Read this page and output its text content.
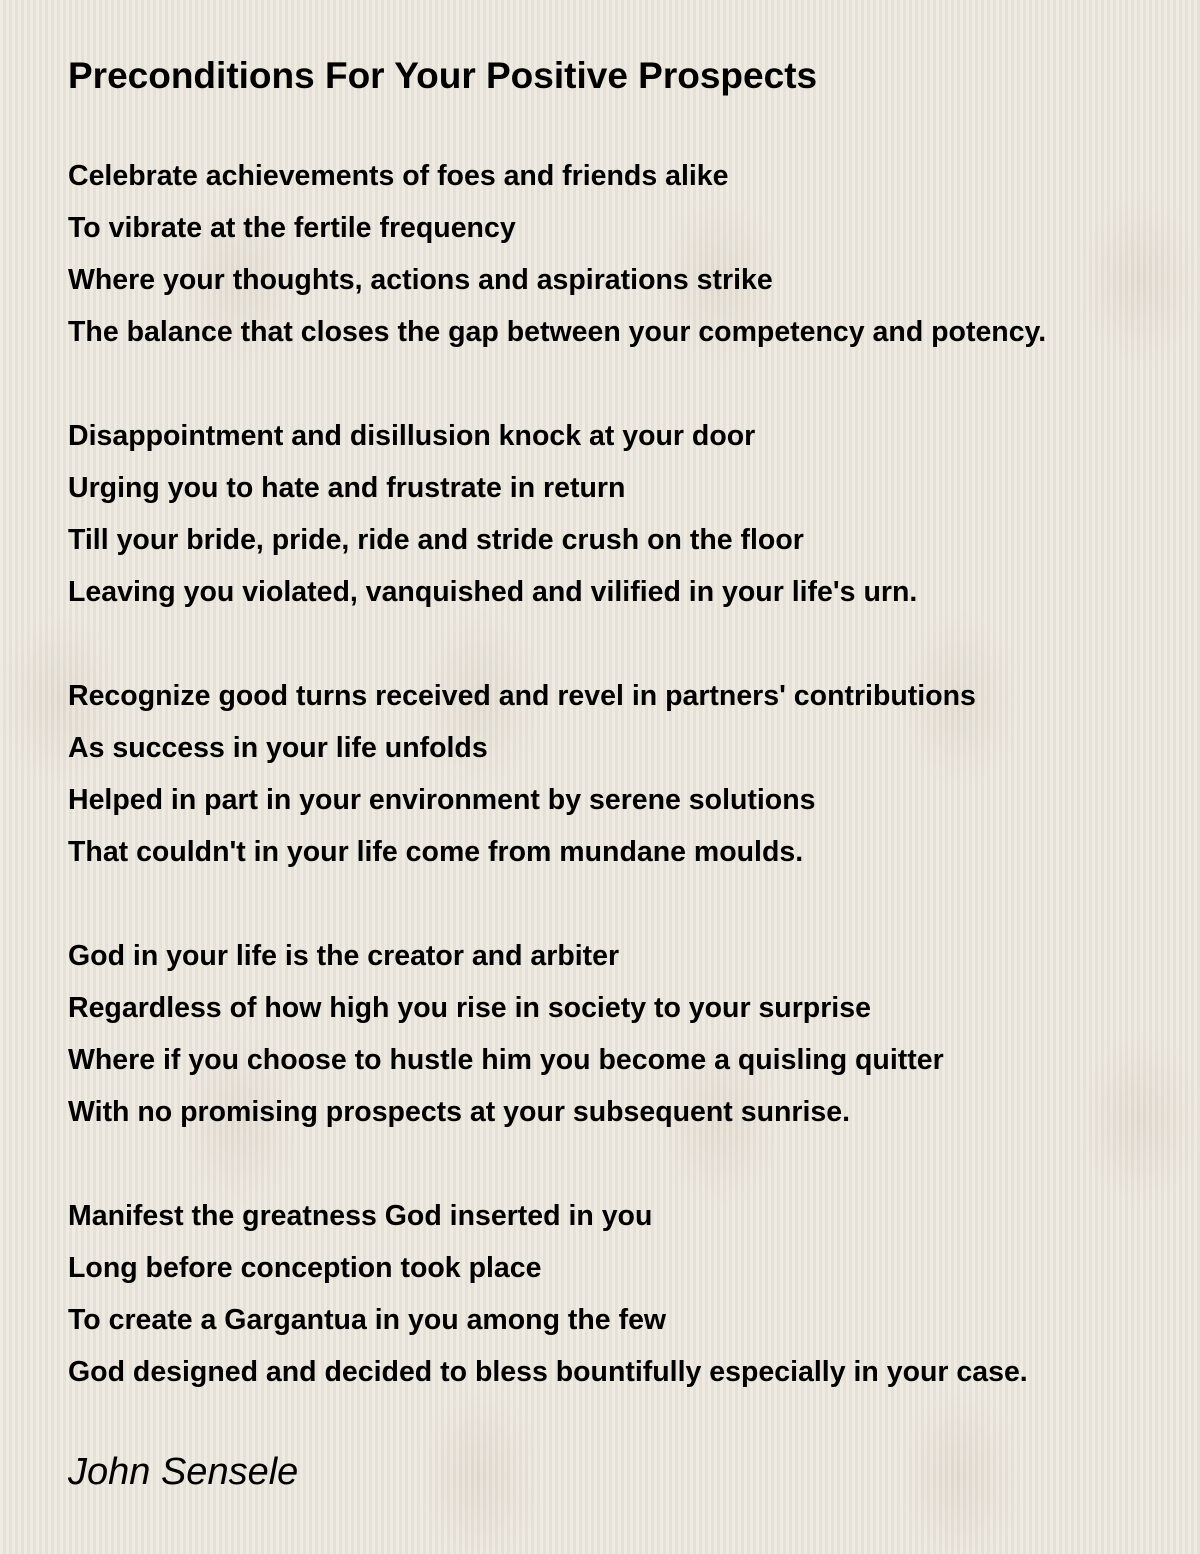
Preconditions For Your Positive Prospects
Celebrate achievements of foes and friends alike
To vibrate at the fertile frequency
Where your thoughts, actions and aspirations strike
The balance that closes the gap between your competency and potency.
Disappointment and disillusion knock at your door
Urging you to hate and frustrate in return
Till your bride, pride, ride and stride crush on the floor
Leaving you violated, vanquished and vilified in your life's urn.
Recognize good turns received and revel in partners' contributions
As success in your life unfolds
Helped in part in your environment by serene solutions
That couldn't in your life come from mundane moulds.
God in your life is the creator and arbiter
Regardless of how high you rise in society to your surprise
Where if you choose to hustle him you become a quisling quitter
With no promising prospects at your subsequent sunrise.
Manifest the greatness God inserted in you
Long before conception took place
To create a Gargantua in you among the few
God designed and decided to bless bountifully especially in your case.
John Sensele
